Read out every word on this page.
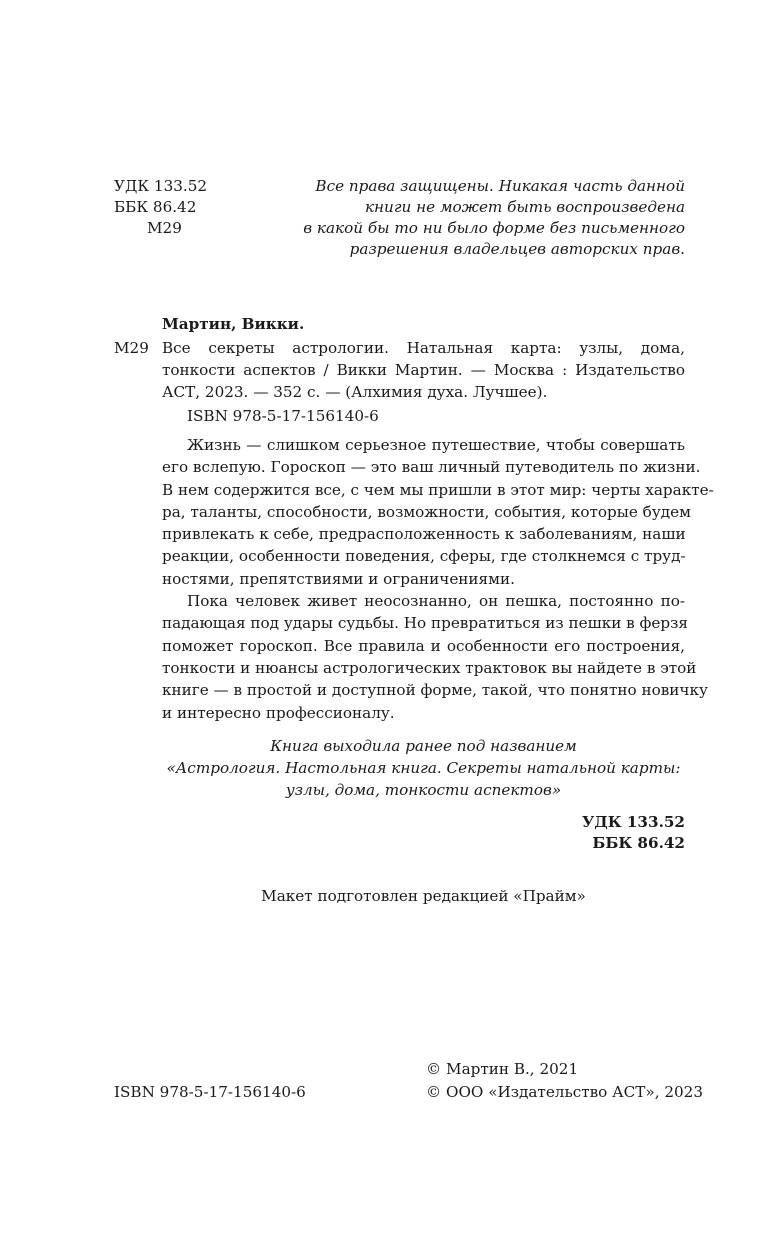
УДК 133.52
ББК 86.42
М29
Все права защищены. Никакая часть данной
книги не может быть воспроизведена
в какой бы то ни было форме без письменного
разрешения владельцев авторских прав.
Мартин, Викки.
М29 Все секреты астрологии. Натальная карта: узлы, дома,
тонкости аспектов / Викки Мартин. — Москва : Издательство
АСТ, 2023. — 352 с. — (Алхимия духа. Лучшее).
ISBN 978-5-17-156140-6
Жизнь — слишком серьезное путешествие, чтобы совершать
его вслепую. Гороскоп — это ваш личный путеводитель по жизни.
В нем содержится все, с чем мы пришли в этот мир: черты характе-
ра, таланты, способности, возможности, события, которые будем
привлекать к себе, предрасположенность к заболеваниям, наши
реакции, особенности поведения, сферы, где столкнемся с труд-
ностями, препятствиями и ограничениями.
Пока человек живет неосознанно, он пешка, постоянно по-
падающая под удары судьбы. Но превратиться из пешки в ферзя
поможет гороскоп. Все правила и особенности его построения,
тонкости и нюансы астрологических трактовок вы найдете в этой
книге — в простой и доступной форме, такой, что понятно новичку
и интересно профессионалу.
Книга выходила ранее под названием
«Астрология. Настольная книга. Секреты натальной карты:
узлы, дома, тонкости аспектов»
УДК 133.52
ББК 86.42
Макет подготовлен редакцией «Прайм»
ISBN 978-5-17-156140-6
© Мартин В., 2021
© ООО «Издательство АСТ», 2023
